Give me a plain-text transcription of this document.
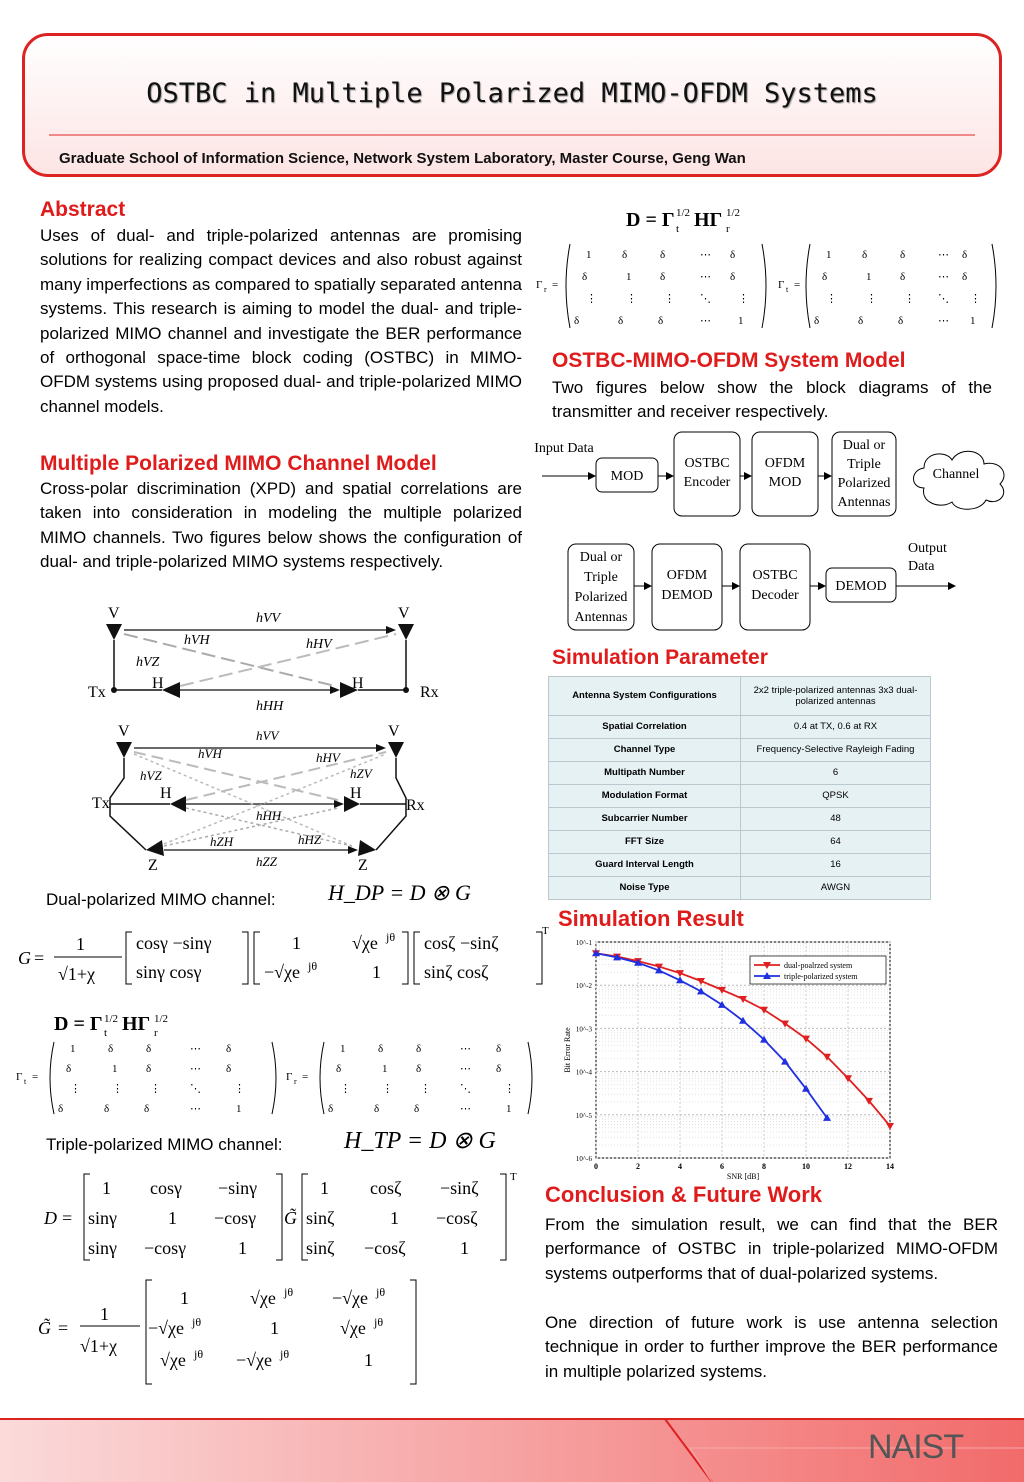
OSTBC in Multiple Polarized MIMO-OFDM Systems
Graduate School of Information Science, Network System Laboratory, Master Course, Geng Wan
Abstract
Uses of dual- and triple-polarized antennas are promising solutions for realizing compact devices and also robust against many imperfections as compared to spatially separated antenna systems. This research is aiming to model the dual- and triple-polarized MIMO channel and investigate the BER performance of orthogonal space-time block coding (OSTBC) in MIMO-OFDM systems using proposed dual- and triple-polarized MIMO channel models.
Multiple Polarized MIMO Channel Model
Cross-polar discrimination (XPD) and spatial correlations are taken into consideration in modeling the multiple polarized MIMO channels. Two figures below shows the configuration of dual- and triple-polarized MIMO systems respectively.
V	V
Tx	Rx
H	H
hVV
hVH	hHV
hVZ
hHH
V	V
Tx	Rx
H	H
Z	Z
hVV
hVH	hHV
hVZ	hZV
hHH
hZH	hHZ
hZZ
Dual-polarized MIMO channel: H_DP = D ⊗ G
G =
1
√1+χ
cosγ −sinγ
sinγ cosγ
1	√χe jθ
−√χe jθ	1
cosζ −sinζ
sinζ cosζ
T
D = Γ 1/2
t HΓ 1/2
r
Γ t =
1	δ	δ	⋯ δ
δ	1	δ	⋯ δ
⋮	⋮ ⋮	⋱	⋮
δ	δ	δ	⋯	1
Γ r =
1	δ	δ	⋯ δ
δ	1	δ	⋯ δ
⋮	⋮ ⋮	⋱	⋮
δ	δ	δ	⋯	1
Triple-polarized MIMO channel:	H_TP = D ⊗ G
D =
1 cosγ −sinγ
sinγ	1 −cosγ
sinγ −cosγ	1
G̃
1 cosζ −sinζ
sinζ	1 −cosζ
sinζ −cosζ	1
T
G̃ =
1
√1+χ
1	√χe jθ −√χe jθ
−√χe jθ	1	√χe jθ
√χe jθ −√χe jθ	1
D = Γ 1/2
t HΓ 1/2
r
Γ r =
1	δ	δ	⋯ δ
δ	1	δ	⋯ δ
⋮	⋮ ⋮ ⋱ ⋮
δ	δ	δ	⋯ 1
Γ t =
1	δ	δ	⋯ δ
δ	1	δ	⋯ δ
⋮	⋮ ⋮ ⋱ ⋮
δ	δ	δ	⋯ 1
OSTBC-MIMO-OFDM System Model
Two figures below show the block diagrams of the transmitter and receiver respectively.
Input Data
MOD
OSTBC Encoder
OFDM MOD
Dual or Triple Polarized Antennas
Channel
Dual or Triple Polarized Antennas
OFDM DEMOD
OSTBC Decoder
DEMOD
Output Data
Simulation Parameter
Antenna System Configurations	2x2 triple-polarized antennas 3x3 dual-polarized antennas
Spatial Correlation	0.4 at TX, 0.6 at RX
Channel Type	Frequency-Selective Rayleigh Fading
Multipath Number	6
Modulation Format	QPSK
Subcarrier Number	48
FFT Size	64
Guard Interval Length	16
Noise Type	AWGN
Simulation Result
0	2	4	6	8	10	12	14
10^-1
10^-2
10^-3
10^-4
10^-5
10^-6
SNR [dB]
Bit Error Rate
dual-poalrzed system
triple-polarized system
Conclusion & Future Work
From the simulation result, we can find that the BER performance of OSTBC in triple-polarized MIMO-OFDM systems outperforms that of dual-polarized systems.
One direction of future work is use antenna selection technique in order to further improve the BER performance in multiple polarized systems.
NAIST
